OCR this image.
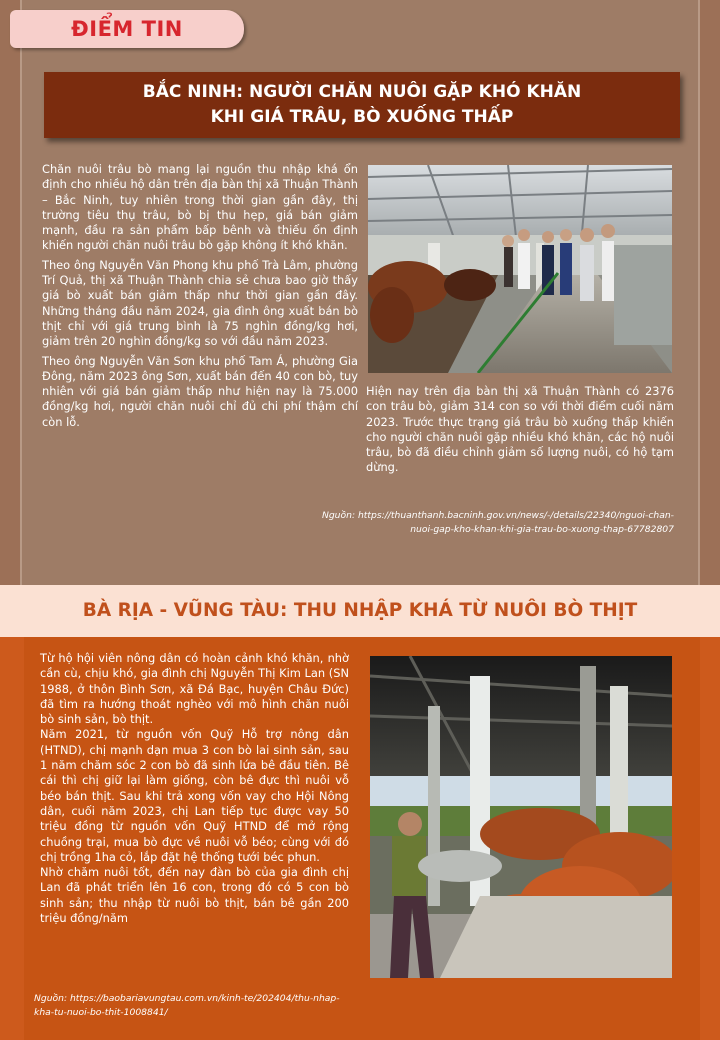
ĐIỂM TIN
BẮC NINH: NGƯỜI CHĂN NUÔI GẶP KHÓ KHĂN
KHI GIÁ TRÂU, BÒ XUỐNG THẤP

Chăn nuôi trâu bò mang lại nguồn thu nhập khá ổn định cho nhiều hộ dân trên địa bàn thị xã Thuận Thành – Bắc Ninh, tuy nhiên trong thời gian gần đây, thị trường tiêu thụ trâu, bò bị thu hẹp, giá bán giảm mạnh, đầu ra sản phẩm bấp bênh và thiếu ổn định khiến người chăn nuôi trâu bò gặp không ít khó khăn.

Theo ông Nguyễn Văn Phong khu phố Trà Lâm, phường Trí Quả, thị xã Thuận Thành chia sẻ chưa bao giờ thấy giá bò xuất bán giảm thấp như thời gian gần đây. Những tháng đầu năm 2024, gia đình ông xuất bán bò thịt chỉ với giá trung bình là 75 nghìn đồng/kg hơi, giảm trên 20 nghìn đồng/kg so với đầu năm 2023.

Theo ông Nguyễn Văn Sơn khu phố Tam Á, phường Gia Đông, năm 2023 ông Sơn, xuất bán đến 40 con bò, tuy nhiên với giá bán giảm thấp như hiện nay là 75.000 đồng/kg hơi, người chăn nuôi chỉ đủ chi phí thậm chí còn lỗ.

Hiện nay trên địa bàn thị xã Thuận Thành có 2376 con trâu bò, giảm 314 con so với thời điểm cuối năm 2023. Trước thực trạng giá trâu bò xuống thấp khiến cho người chăn nuôi gặp nhiều khó khăn, các hộ nuôi trâu, bò đã điều chỉnh giảm số lượng nuôi, có hộ tạm dừng.
Nguồn: https://thuanthanh.bacninh.gov.vn/news/-/details/22340/nguoi-chan-
nuoi-gap-kho-khan-khi-gia-trau-bo-xuong-thap-67782807
BÀ RỊA - VŨNG TÀU: THU NHẬP KHÁ TỪ NUÔI BÒ THỊT

Từ hộ hội viên nông dân có hoàn cảnh khó khăn, nhờ cần cù, chịu khó, gia đình chị Nguyễn Thị Kim Lan (SN 1988, ở thôn Bình Sơn, xã Đá Bạc, huyện Châu Đức) đã tìm ra hướng thoát nghèo với mô hình chăn nuôi bò sinh sản, bò thịt.

Năm 2021, từ nguồn vốn Quỹ Hỗ trợ nông dân (HTND), chị mạnh dạn mua 3 con bò lai sinh sản, sau 1 năm chăm sóc 2 con bò đã sinh lứa bê đầu tiên. Bê cái thì chị giữ lại làm giống, còn bê đực thì nuôi vỗ béo bán thịt. Sau khi trả xong vốn vay cho Hội Nông dân, cuối năm 2023, chị Lan tiếp tục được vay 50 triệu đồng từ nguồn vốn Quỹ HTND để mở rộng chuồng trại, mua bò đực về nuôi vỗ béo; cùng với đó chị trồng 1ha cỏ, lắp đặt hệ thống tưới béc phun.

Nhờ chăm nuôi tốt, đến nay đàn bò của gia đình chị Lan đã phát triển lên 16 con, trong đó có 5 con bò sinh sản; thu nhập từ nuôi bò thịt, bán bê gần 200 triệu đồng/năm

Nguồn: https://baobariavungtau.com.vn/kinh-te/202404/thu-nhap-
kha-tu-nuoi-bo-thit-1008841/
